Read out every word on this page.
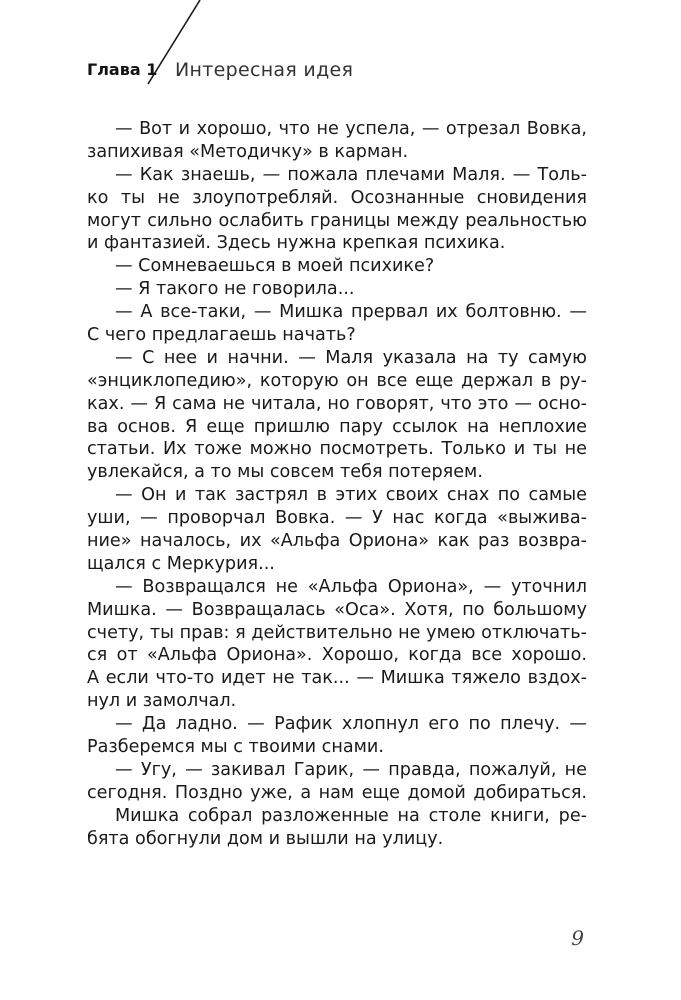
Глава 1 Интересная идея
— Вот и хорошо, что не успела, — отрезал Вовка,
запихивая «Методичку» в карман.
— Как знаешь, — пожала плечами Маля. — Толь-
ко ты не злоупотребляй. Осознанные сновидения
могут сильно ослабить границы между реальностью
и фантазией. Здесь нужна крепкая психика.
— Сомневаешься в моей психике?
— Я такого не говорила...
— А все-таки, — Мишка прервал их болтовню. —
С чего предлагаешь начать?
— С нее и начни. — Маля указала на ту самую
«энциклопедию», которую он все еще держал в ру-
ках. — Я сама не читала, но говорят, что это — осно-
ва основ. Я еще пришлю пару ссылок на неплохие
статьи. Их тоже можно посмотреть. Только и ты не
увлекайся, а то мы совсем тебя потеряем.
— Он и так застрял в этих своих снах по самые
уши, — проворчал Вовка. — У нас когда «выжива-
ние» началось, их «Альфа Ориона» как раз возвра-
щался с Меркурия...
— Возвращался не «Альфа Ориона», — уточнил
Мишка. — Возвращалась «Оса». Хотя, по большому
счету, ты прав: я действительно не умею отключать-
ся от «Альфа Ориона». Хорошо, когда все хорошо.
А если что-то идет не так... — Мишка тяжело вздох-
нул и замолчал.
— Да ладно. — Рафик хлопнул его по плечу. —
Разберемся мы с твоими снами.
— Угу, — закивал Гарик, — правда, пожалуй, не
сегодня. Поздно уже, а нам еще домой добираться.
Мишка собрал разложенные на столе книги, ре-
бята обогнули дом и вышли на улицу.
9
